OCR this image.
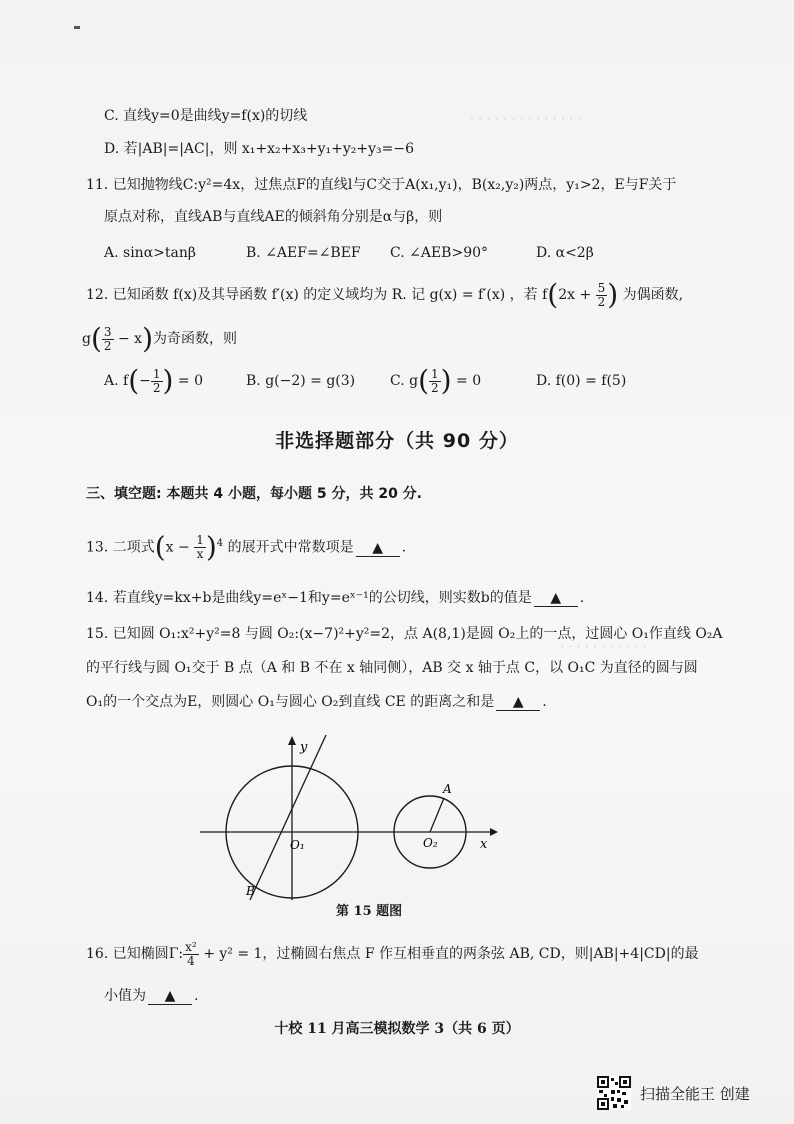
· · · · · · · · · · · · · ·
· · · · · · · · · · ·
C. 直线y=0是曲线y=f(x)的切线
D. 若|AB|=|AC|，则 x₁+x₂+x₃+y₁+y₂+y₃=−6
11. 已知抛物线C:y²=4x，过焦点F的直线l与C交于A(x₁,y₁)，B(x₂,y₂)两点，y₁>2，E与F关于
原点对称，直线AB与直线AE的倾斜角分别是α与β，则
A. sinα>tanβ	B. ∠AEF=∠BEF C. ∠AEB>90°	D. α<2β
12. 已知函数 f(x)及其导函数 f′(x) 的定义域均为 R. 记 g(x) = f′(x) ，若 $f(2x + \frac{5}{2}$ ) 为偶函数,
$g( \frac{3}{2} - x)$为奇函数，则
A. $f(- \frac{1}{2}$ ) = 0	B. g(−2) = g(3) C. $g( \frac{1}{2}$ ) = 0	D. f(0) = f(5)
非选择题部分（共 90 分）
三、填空题: 本题共 4 小题，每小题 5 分，共 20 分.
13. 二项式$(x - \frac{1}{x} )^4$ 的展开式中常数项是 ▲ .
14. 若直线y=kx+b是曲线y=eˣ−1和y=eˣ⁻¹的公切线，则实数b的值是 ▲ .
15. 已知圆 O₁:x²+y²=8 与圆 O₂:(x−7)²+y²=2，点 A(8,1)是圆 O₂上的一点，过圆心 O₁作直线 O₂A
的平行线与圆 O₁交于 B 点（A 和 B 不在 x 轴同侧），AB 交 x 轴于点 C，以 O₁C 为直径的圆与圆
O₁的一个交点为E，则圆心 O₁与圆心 O₂到直线 CE 的距离之和是 ▲ .
y
x
O₁	O₂
A
B
第 15 题图
16. 已知椭圆Γ: $\frac{\text{x²}}{4} + y^2 = 1$，过椭圆右焦点 F 作互相垂直的两条弦 AB, CD，则|AB|+4|CD|的最
小值为 ▲ .
十校 11 月高三模拟数学 3（共 6 页）
扫描全能王 创建
